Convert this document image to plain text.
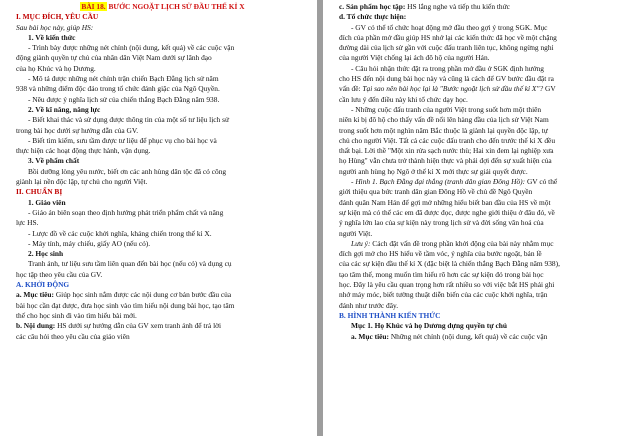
BÀI 18. BƯỚC NGOẶT LỊCH SỬ ĐẦU THẾ KỈ X
I. MỤC ĐÍCH, YÊU CẦU
Sau bài học này, giúp HS:
1. Về kiến thức
- Trình bày được những nét chính (nội dung, kết quả) về các cuộc vận
động giành quyền tự chủ của nhân dân Việt Nam dưới sự lãnh đạo
của họ Khúc và họ Dương.
- Mô tả được những nét chính trận chiến Bạch Đằng lịch sử năm
938 và những điểm độc đáo trong tổ chức đánh giặc của Ngô Quyền.
- Nêu được ý nghĩa lịch sử của chiến thắng Bạch Đằng năm 938.
2. Về kĩ năng, năng lực
- Biết khai thác và sử dụng được thông tin của một số tư liệu lịch sử
trong bài học dưới sự hướng dẫn của GV.
- Biết tìm kiếm, sưu tầm được tư liệu để phục vụ cho bài học và
thực hiện các hoạt động thực hành, vận dụng.
3. Về phẩm chất
Bồi dưỡng lòng yêu nước, biết ơn các anh hùng dân tộc đã có công
giành lại nền độc lập, tự chủ cho người Việt.
II. CHUẨN BỊ
1. Giáo viên
- Giáo án biên soạn theo định hướng phát triển phẩm chất và năng
lực HS.
- Lược đồ về các cuộc khởi nghĩa, kháng chiến trong thế kỉ X.
- Máy tính, máy chiếu, giấy AO (nếu có).
2. Học sinh
Tranh ảnh, tư liệu sưu tầm liên quan đến bài học (nếu có) và dụng cụ
học tập theo yêu cầu của GV.
A. KHỞI ĐỘNG
a. Mục tiêu: Giúp học sinh nắm được các nội dung cơ bản bước đầu của
bài học cần đạt được, đưa học sinh vào tìm hiểu nội dung bài học, tạo tâm
thế cho học sinh đi vào tìm hiểu bài mới.
b. Nội dung: HS dưới sự hướng dẫn của GV xem tranh ảnh để trả lời
các câu hỏi theo yêu cầu của giáo viên
c. Sản phẩm học tập: HS lắng nghe và tiếp thu kiến thức
d. Tổ chức thực hiện:
- GV có thể tổ chức hoạt động mở đầu theo gợi ý trong SGK. Mục
đích của phần mở đầu giúp HS nhớ lại các kiến thức đã học về một chặng
đường dài của lịch sử gần với cuộc đấu tranh liên tục, không ngừng nghỉ
của người Việt chống lại ách đô hộ của người Hán.
- Câu hỏi nhận thức đặt ra trong phần mở đầu ở SGK định hướng
cho HS đến nội dung bài học này và cũng là cách để GV bước đầu đặt ra
vấn đề: Tại sao nên bài học lại là "Bước ngoặt lịch sử đầu thế kỉ X"? GV
cần lưu ý đến điều này khi tổ chức dạy học.
- Những cuộc đấu tranh của người Việt trong suốt hơn một thiên
niên kỉ bị đô hộ cho thấy vấn đề nổi lên hàng đầu của lịch sử Việt Nam
trong suốt hơn một nghìn năm Bắc thuộc là giành lại quyền độc lập, tự
chủ cho người Việt. Tất cả các cuộc đấu tranh cho đến trước thế kỉ X đều
thất bại. Lời thề "Một xin rửa sạch nước thù; Hai xin đem lại nghiệp xưa
họ Hùng" vẫn chưa trở thành hiện thực và phải đợi đến sự xuất hiện của
người anh hùng họ Ngô ở thế kỉ X mới thực sự giải quyết được.
- Hình 1. Bạch Đằng đại thắng (tranh dân gian Đông Hồ): GV có thể
giới thiệu qua bức tranh dân gian Đông Hồ về chủ đề Ngô Quyền
đánh quân Nam Hán để gợi mở những hiểu biết ban đầu của HS về một
sự kiện mà có thể các em đã được đọc, được nghe giới thiệu ở đâu đó, về
ý nghĩa lớn lao của sự kiện này trong lịch sử và đời sống văn hoá của
người Việt.
Lưu ý: Cách đặt vấn đề trong phần khởi động của bài này nhằm mục
đích gợi mở cho HS hiểu về tầm vóc, ý nghĩa của bước ngoặt, bản lề
của các sự kiện đầu thế kỉ X (đặc biệt là chiến thắng Bạch Đằng năm 938),
tạo tâm thế, mong muốn tìm hiểu rõ hơn các sự kiện đó trong bài học
học. Đây là yêu cầu quan trọng hơn rất nhiều so với việc bắt HS phải ghi
nhớ máy móc, biết tường thuật diễn biến của các cuộc khởi nghĩa, trận
đánh như trước đây.
B. HÌNH THÀNH KIẾN THỨC
Mục 1. Họ Khúc và họ Dương dựng quyền tự chủ
a. Mục tiêu: Những nét chính (nội dung, kết quả) về các cuộc vận
